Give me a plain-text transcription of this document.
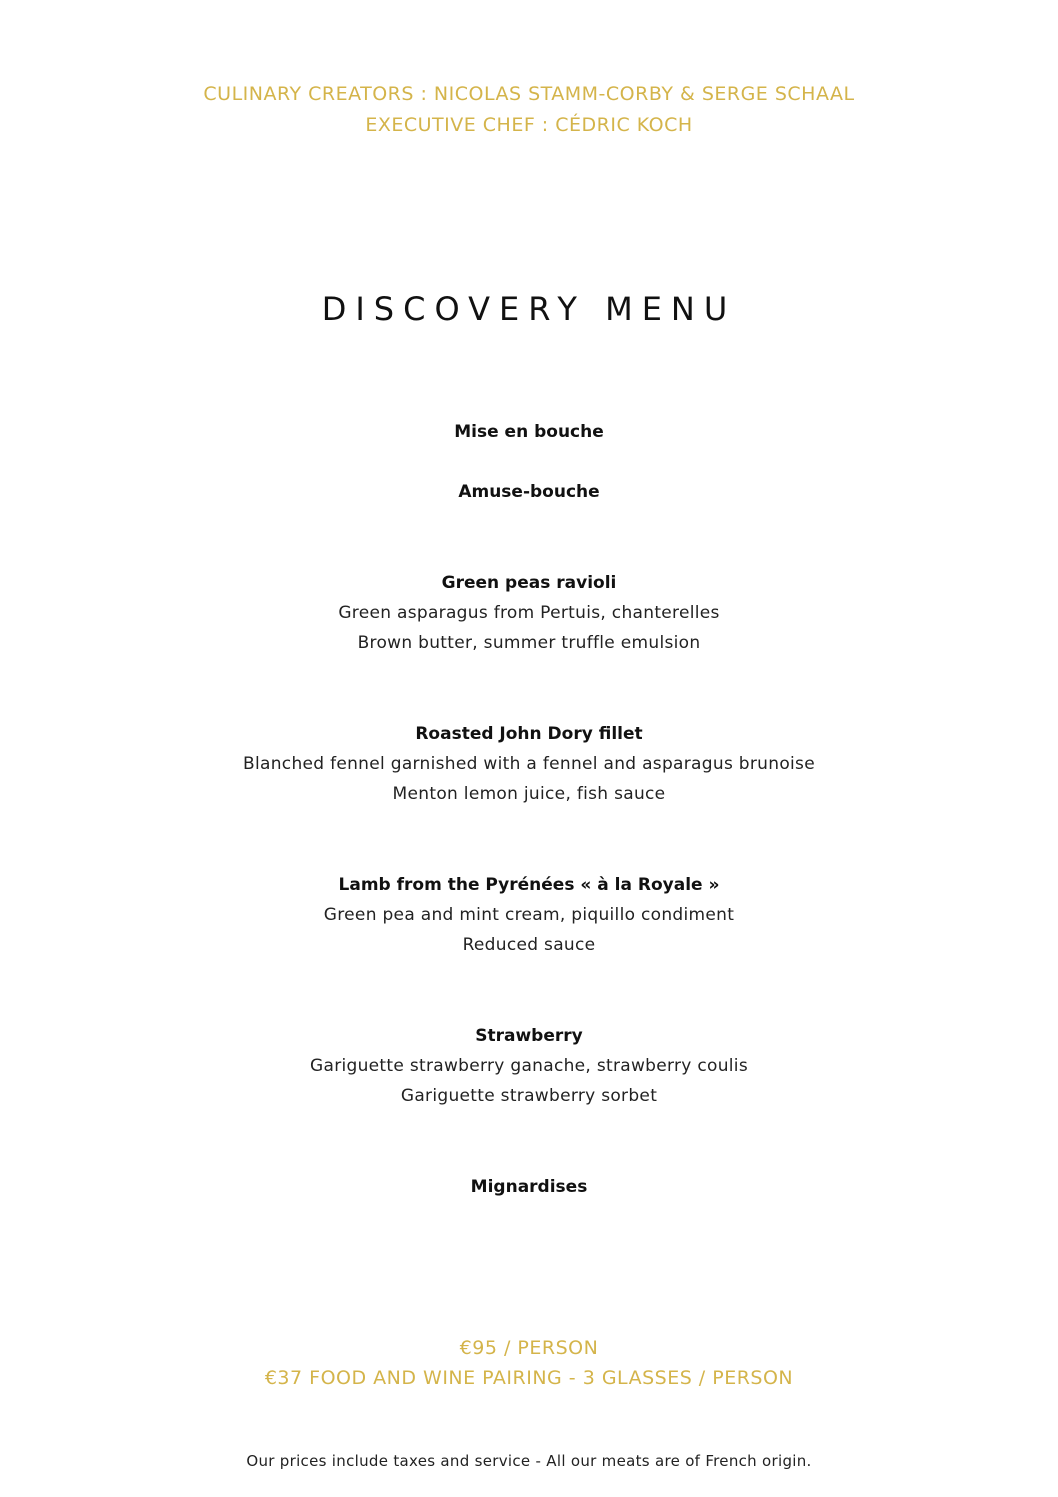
CULINARY CREATORS : NICOLAS STAMM-CORBY & SERGE SCHAAL
EXECUTIVE CHEF : CÉDRIC KOCH
DISCOVERY MENU
Mise en bouche
Amuse-bouche
Green peas ravioli
Green asparagus from Pertuis, chanterelles
Brown butter, summer truffle emulsion
Roasted John Dory fillet
Blanched fennel garnished with a fennel and asparagus brunoise
Menton lemon juice, fish sauce
Lamb from the Pyrénées « à la Royale »
Green pea and mint cream, piquillo condiment
Reduced sauce
Strawberry
Gariguette strawberry ganache, strawberry coulis
Gariguette strawberry sorbet
Mignardises
€95 / PERSON
€37 FOOD AND WINE PAIRING - 3 GLASSES / PERSON
Our prices include taxes and service - All our meats are of French origin.
